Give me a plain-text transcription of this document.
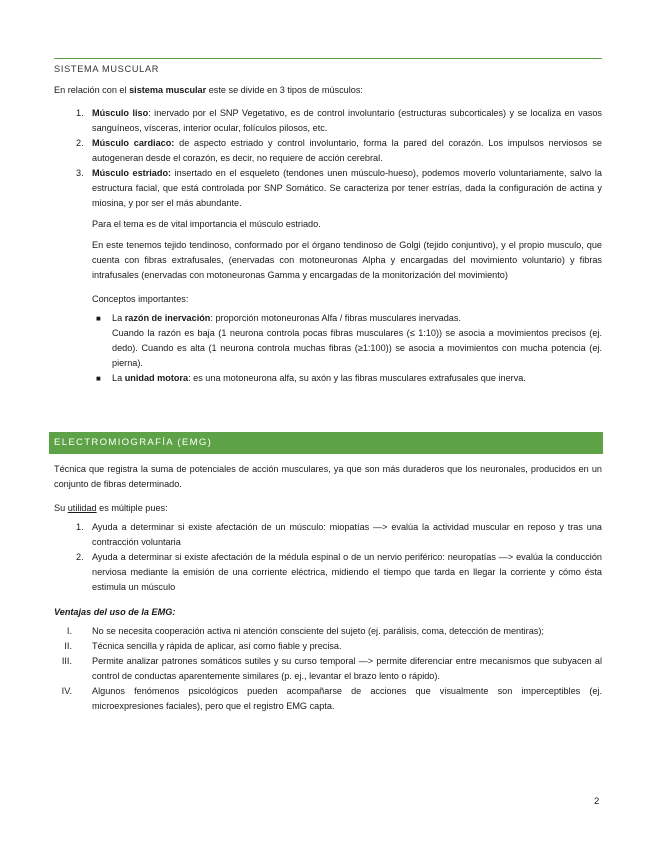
SISTEMA MUSCULAR

En relación con el sistema muscular este se divide en 3 tipos de músculos:

1. Músculo liso: inervado por el SNP Vegetativo, es de control involuntario (estructuras subcorticales) y se localiza en vasos sanguíneos, vísceras, interior ocular, folículos pilosos, etc.
2. Músculo cardiaco: de aspecto estriado y control involuntario, forma la pared del corazón. Los impulsos nerviosos se autogeneran desde el corazón, es decir, no requiere de acción cerebral.
3. Músculo estriado: insertado en el esqueleto (tendones unen músculo-hueso), podemos moverlo voluntariamente, salvo la estructura facial, que está controlada por SNP Somático. Se caracteriza por tener estrías, dada la configuración de actina y miosina, y por ser el más abundante.

Para el tema es de vital importancia el músculo estriado.

En este tenemos tejido tendinoso, conformado por el órgano tendinoso de Golgi (tejido conjuntivo), y el propio musculo, que cuenta con fibras extrafusales, (enervadas con motoneuronas Alpha y encargadas del movimiento voluntario) y fibras intrafusales (enervadas con motoneuronas Gamma y encargadas de la monitorización del movimiento)

Conceptos importantes:

■ La razón de inervación: proporción motoneuronas Alfa / fibras musculares inervadas.
Cuando la razón es baja (1 neurona controla pocas fibras musculares (≤ 1:10)) se asocia a movimientos precisos (ej. dedo). Cuando es alta (1 neurona controla muchas fibras (≥1:100)) se asocia a movimientos con mucha potencia (ej. pierna).
■ La unidad motora: es una motoneurona alfa, su axón y las fibras musculares extrafusales que inerva.
ELECTROMIOGRAFÍA (EMG)

Técnica que registra la suma de potenciales de acción musculares, ya que son más duraderos que los neuronales, producidos en un conjunto de fibras determinado.

Su utilidad es múltiple pues:

1. Ayuda a determinar si existe afectación de un músculo: miopatías —> evalúa la actividad muscular en reposo y tras una contracción voluntaria
2. Ayuda a determinar si existe afectación de la médula espinal o de un nervio periférico: neuropatías —> evalúa la conducción nerviosa mediante la emisión de una corriente eléctrica, midiendo el tiempo que tarda en llegar la corriente y cómo ésta estimula un músculo

Ventajas del uso de la EMG:

I. No se necesita cooperación activa ni atención consciente del sujeto (ej. parálisis, coma, detección de mentiras);
II. Técnica sencilla y rápida de aplicar, así como fiable y precisa.
III. Permite analizar patrones somáticos sutiles y su curso temporal —> permite diferenciar entre mecanismos que subyacen al control de conductas aparentemente similares (p. ej., levantar el brazo lento o rápido).
IV. Algunos fenómenos psicológicos pueden acompañarse de acciones que visualmente son imperceptibles (ej. microexpresiones faciales), pero que el registro EMG capta.
2
